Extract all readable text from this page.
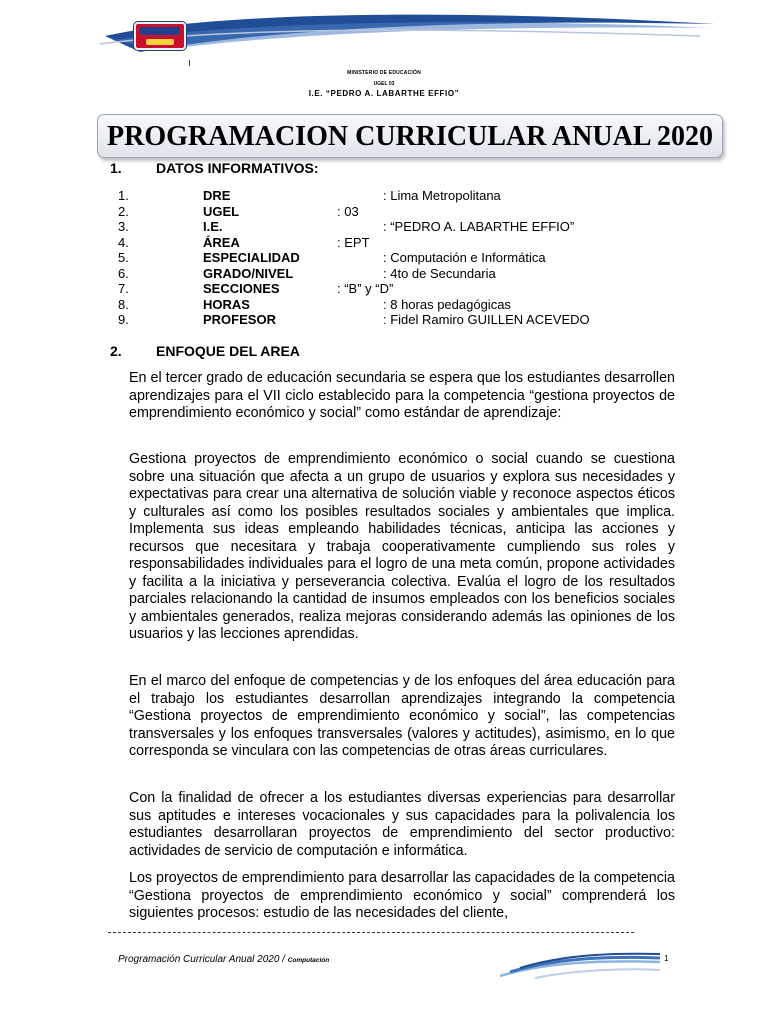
MINISTERIO DE EDUCACIÓN
UGEL 03
I.E. “PEDRO A. LABARTHE EFFIO”
PROGRAMACION CURRICULAR ANUAL 2020
1. DATOS INFORMATIVOS:
1.	DRE	: Lima Metropolitana
2.	UGEL	: 03
3.	I.E.	: “PEDRO A. LABARTHE EFFIO”
4.	ÁREA	: EPT
5.	ESPECIALIDAD	: Computación e Informática
6.	GRADO/NIVEL	: 4to de Secundaria
7.	SECCIONES	: “B” y “D”
8.	HORAS	: 8 horas pedagógicas
9.	PROFESOR	: Fidel Ramiro GUILLEN ACEVEDO
2. ENFOQUE DEL AREA
En el tercer grado de educación secundaria se espera que los estudiantes desarrollen aprendizajes para el VII ciclo establecido para la competencia “gestiona proyectos de emprendimiento económico y social” como estándar de aprendizaje:
Gestiona proyectos de emprendimiento económico o social cuando se cuestiona sobre una situación que afecta a un grupo de usuarios y explora sus necesidades y expectativas para crear una alternativa de solución viable y reconoce aspectos éticos y culturales así como los posibles resultados sociales y ambientales que implica. Implementa sus ideas empleando habilidades técnicas, anticipa las acciones y recursos que necesitara y trabaja cooperativamente cumpliendo sus roles y responsabilidades individuales para el logro de una meta común, propone actividades y facilita a la iniciativa y perseverancia colectiva. Evalúa el logro de los resultados parciales relacionando la cantidad de insumos empleados con los beneficios sociales y ambientales generados, realiza mejoras considerando además las opiniones de los usuarios y las lecciones aprendidas.
En el marco del enfoque de competencias y de los enfoques del área educación para el trabajo los estudiantes desarrollan aprendizajes integrando la competencia “Gestiona proyectos de emprendimiento económico y social”, las competencias transversales y los enfoques transversales (valores y actitudes), asimismo, en lo que corresponda se vinculara con las competencias de otras áreas curriculares.
Con la finalidad de ofrecer a los estudiantes diversas experiencias para desarrollar sus aptitudes e intereses vocacionales y sus capacidades para la polivalencia los estudiantes desarrollaran proyectos de emprendimiento del sector productivo: actividades de servicio de computación e informática.
Los proyectos de emprendimiento para desarrollar las capacidades de la competencia “Gestiona proyectos de emprendimiento económico y social” comprenderá los siguientes procesos: estudio de las necesidades del cliente,
Programación Curricular Anual 2020 / Computación	1
